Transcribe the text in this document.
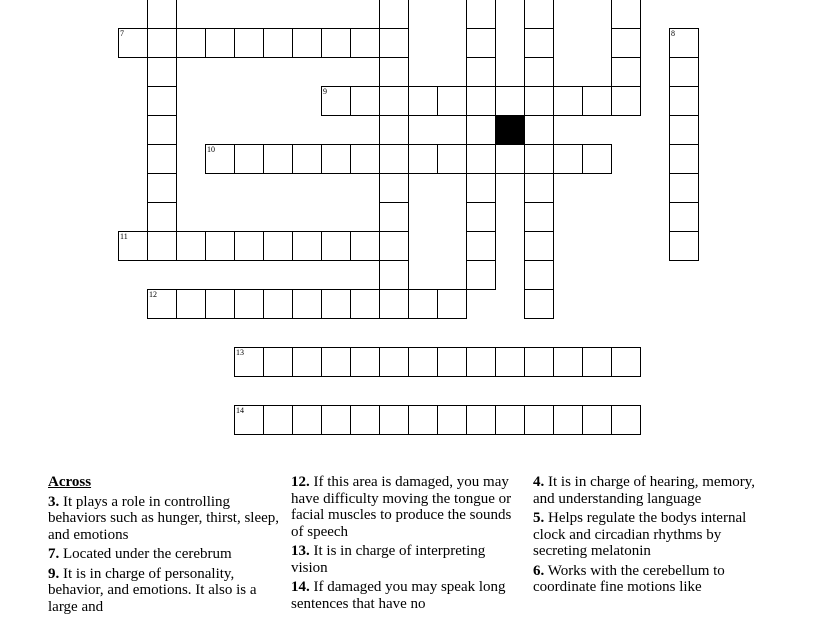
7
9
10
11
12
13
14
8
Across
3. It plays a role in controlling behaviors such as hunger, thirst, sleep, and emotions
7. Located under the cerebrum
9. It is in charge of personality, behavior, and emotions. It also is a large and
12. If this area is damaged, you may have difficulty moving the tongue or facial muscles to produce the sounds of speech
13. It is in charge of interpreting vision
14. If damaged you may speak long sentences that have no
4. It is in charge of hearing, memory, and understanding language
5. Helps regulate the bodys internal clock and circadian rhythms by secreting melatonin
6. Works with the cerebellum to coordinate fine motions like
